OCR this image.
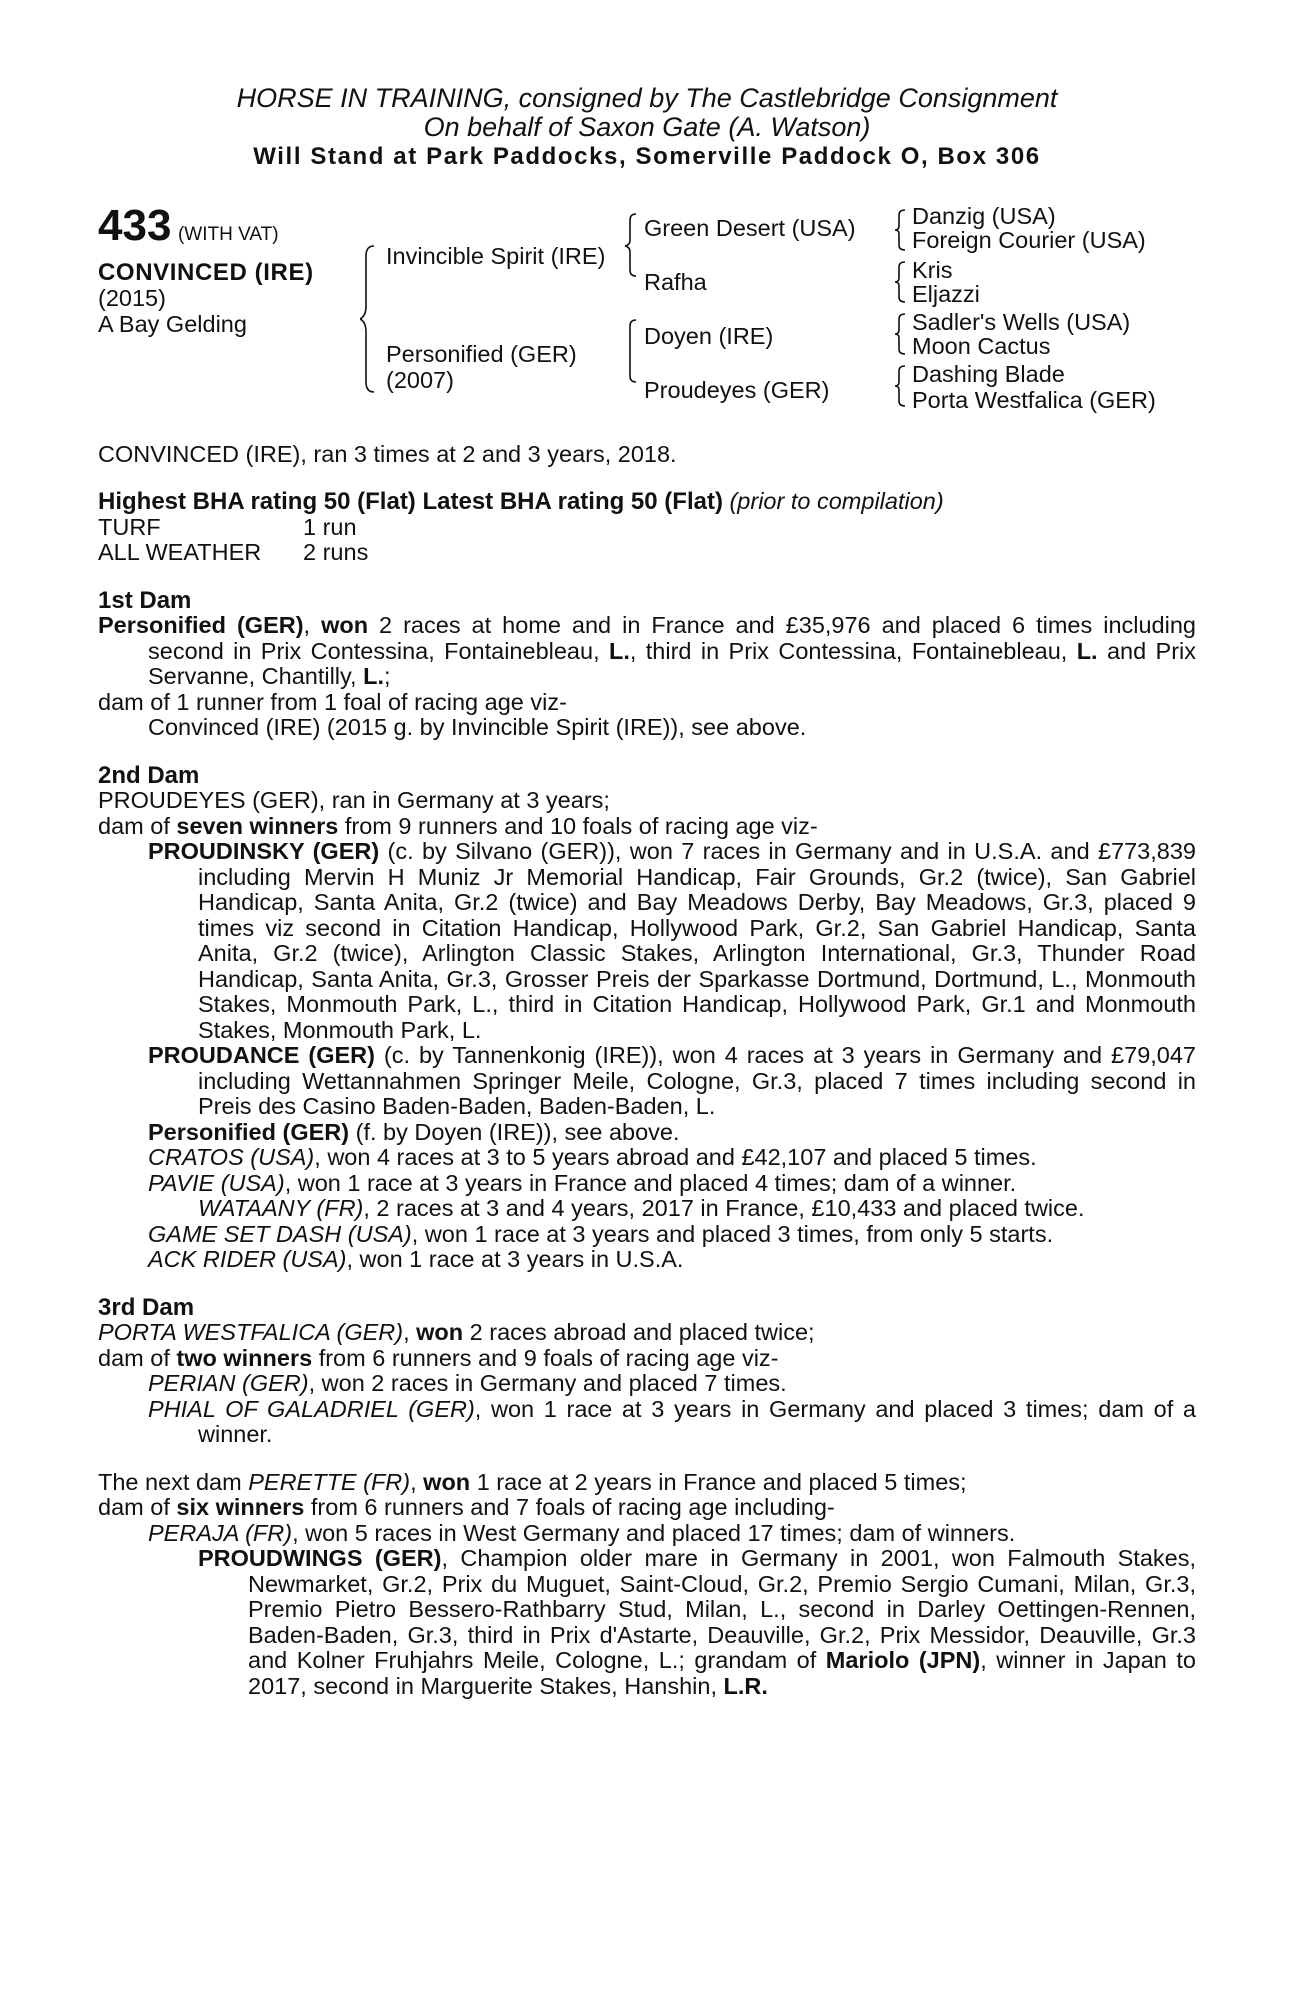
HORSE IN TRAINING, consigned by The Castlebridge Consignment
On behalf of Saxon Gate (A. Watson)
Will Stand at Park Paddocks, Somerville Paddock O, Box 306
433 (WITH VAT)
CONVINCED (IRE)
(2015)
A Bay Gelding
Invincible Spirit (IRE)
Personified (GER)
(2007)
Green Desert (USA)
Rafha
Doyen (IRE)
Proudeyes (GER)
Danzig (USA)
Foreign Courier (USA)
Kris
Eljazzi
Sadler's Wells (USA)
Moon Cactus
Dashing Blade
Porta Westfalica (GER)
CONVINCED (IRE), ran 3 times at 2 and 3 years, 2018.
Highest BHA rating 50 (Flat) Latest BHA rating 50 (Flat) (prior to compilation)
TURF	1 run
ALL WEATHER	2 runs
1st Dam
Personified (GER), won 2 races at home and in France and £35,976 and placed 6 times including second in Prix Contessina, Fontainebleau, L., third in Prix Contessina, Fontainebleau, L. and Prix Servanne, Chantilly, L.;
dam of 1 runner from 1 foal of racing age viz-
Convinced (IRE) (2015 g. by Invincible Spirit (IRE)), see above.
2nd Dam
PROUDEYES (GER), ran in Germany at 3 years;
dam of seven winners from 9 runners and 10 foals of racing age viz-
PROUDINSKY (GER) (c. by Silvano (GER)), won 7 races in Germany and in U.S.A. and £773,839 including Mervin H Muniz Jr Memorial Handicap, Fair Grounds, Gr.2 (twice), San Gabriel Handicap, Santa Anita, Gr.2 (twice) and Bay Meadows Derby, Bay Meadows, Gr.3, placed 9 times viz second in Citation Handicap, Hollywood Park, Gr.2, San Gabriel Handicap, Santa Anita, Gr.2 (twice), Arlington Classic Stakes, Arlington International, Gr.3, Thunder Road Handicap, Santa Anita, Gr.3, Grosser Preis der Sparkasse Dortmund, Dortmund, L., Monmouth Stakes, Monmouth Park, L., third in Citation Handicap, Hollywood Park, Gr.1 and Monmouth Stakes, Monmouth Park, L.
PROUDANCE (GER) (c. by Tannenkonig (IRE)), won 4 races at 3 years in Germany and £79,047 including Wettannahmen Springer Meile, Cologne, Gr.3, placed 7 times including second in Preis des Casino Baden-Baden, Baden-Baden, L.
Personified (GER) (f. by Doyen (IRE)), see above.
CRATOS (USA), won 4 races at 3 to 5 years abroad and £42,107 and placed 5 times.
PAVIE (USA), won 1 race at 3 years in France and placed 4 times; dam of a winner.
WATAANY (FR), 2 races at 3 and 4 years, 2017 in France, £10,433 and placed twice.
GAME SET DASH (USA), won 1 race at 3 years and placed 3 times, from only 5 starts.
ACK RIDER (USA), won 1 race at 3 years in U.S.A.
3rd Dam
PORTA WESTFALICA (GER), won 2 races abroad and placed twice;
dam of two winners from 6 runners and 9 foals of racing age viz-
PERIAN (GER), won 2 races in Germany and placed 7 times.
PHIAL OF GALADRIEL (GER), won 1 race at 3 years in Germany and placed 3 times; dam of a winner.
The next dam PERETTE (FR), won 1 race at 2 years in France and placed 5 times;
dam of six winners from 6 runners and 7 foals of racing age including-
PERAJA (FR), won 5 races in West Germany and placed 17 times; dam of winners.
PROUDWINGS (GER), Champion older mare in Germany in 2001, won Falmouth Stakes, Newmarket, Gr.2, Prix du Muguet, Saint-Cloud, Gr.2, Premio Sergio Cumani, Milan, Gr.3, Premio Pietro Bessero-Rathbarry Stud, Milan, L., second in Darley Oettingen-Rennen, Baden-Baden, Gr.3, third in Prix d'Astarte, Deauville, Gr.2, Prix Messidor, Deauville, Gr.3 and Kolner Fruhjahrs Meile, Cologne, L.; grandam of Mariolo (JPN), winner in Japan to 2017, second in Marguerite Stakes, Hanshin, L.R.
